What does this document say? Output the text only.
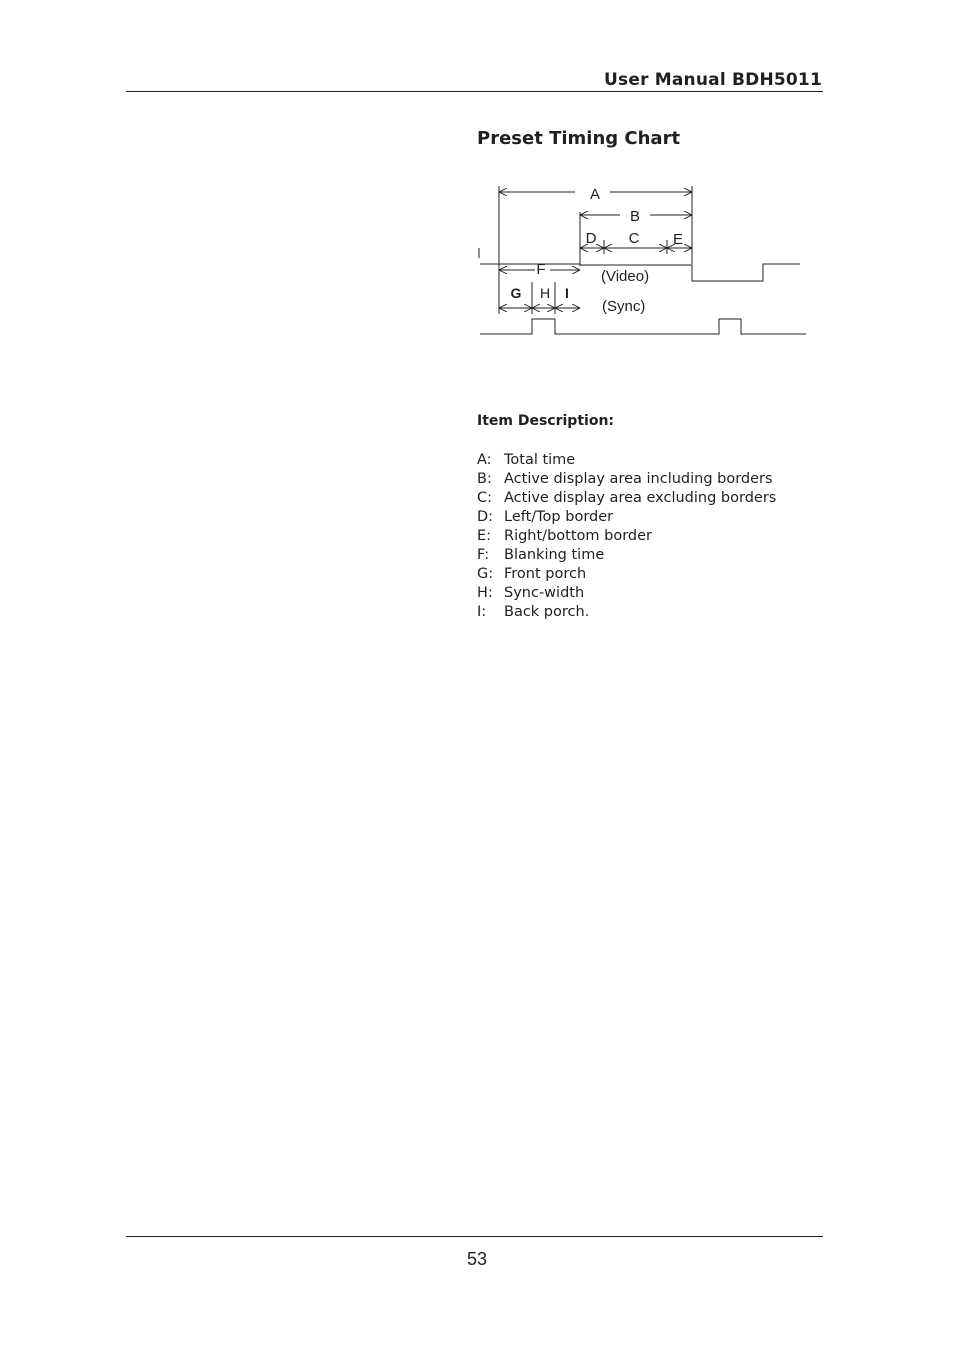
User Manual BDH5011
Preset Timing Chart
A
B
C
D	E
F
G H I
(Video)
(Sync)
Item Description:
A: Total time
B: Active display area including borders
C: Active display area excluding borders
D: Left/Top border
E: Right/bottom border
F: Blanking time
G: Front porch
H: Sync-width
I: Back porch.
53
